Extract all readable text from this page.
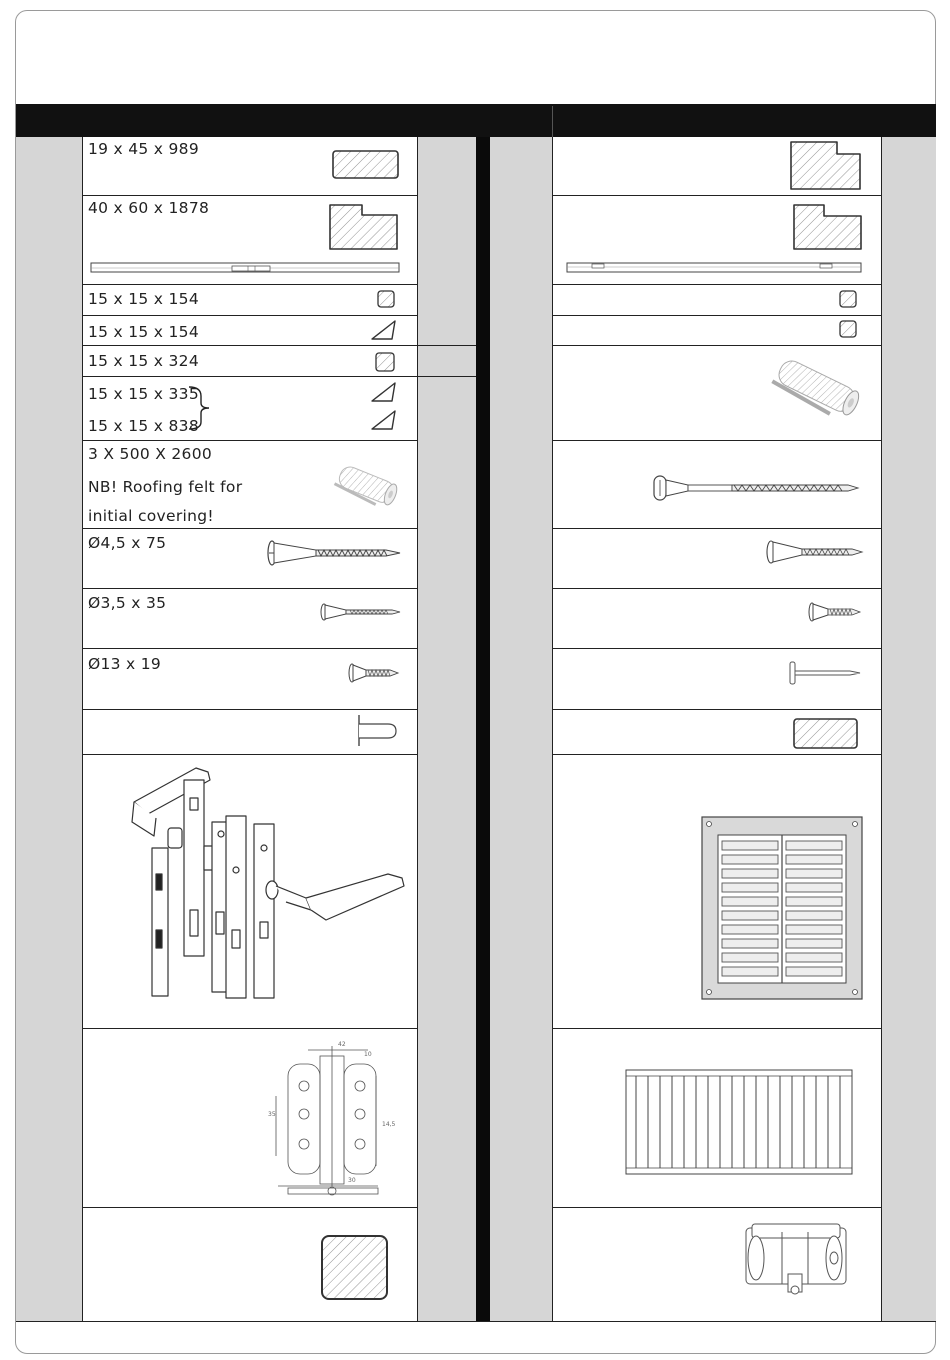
19 x 45 x 989
40 x 60 x 1878
15 x 15 x 154
15 x 15 x 154
15 x 15 x 324
15 x 15 x 335
15 x 15 x 838
3 X 500 X 2600
NB! Roofing felt for
initial covering!
Ø4,5 x 75
Ø3,5 x 35
Ø13 x 19
42
10
35
14,5
30
